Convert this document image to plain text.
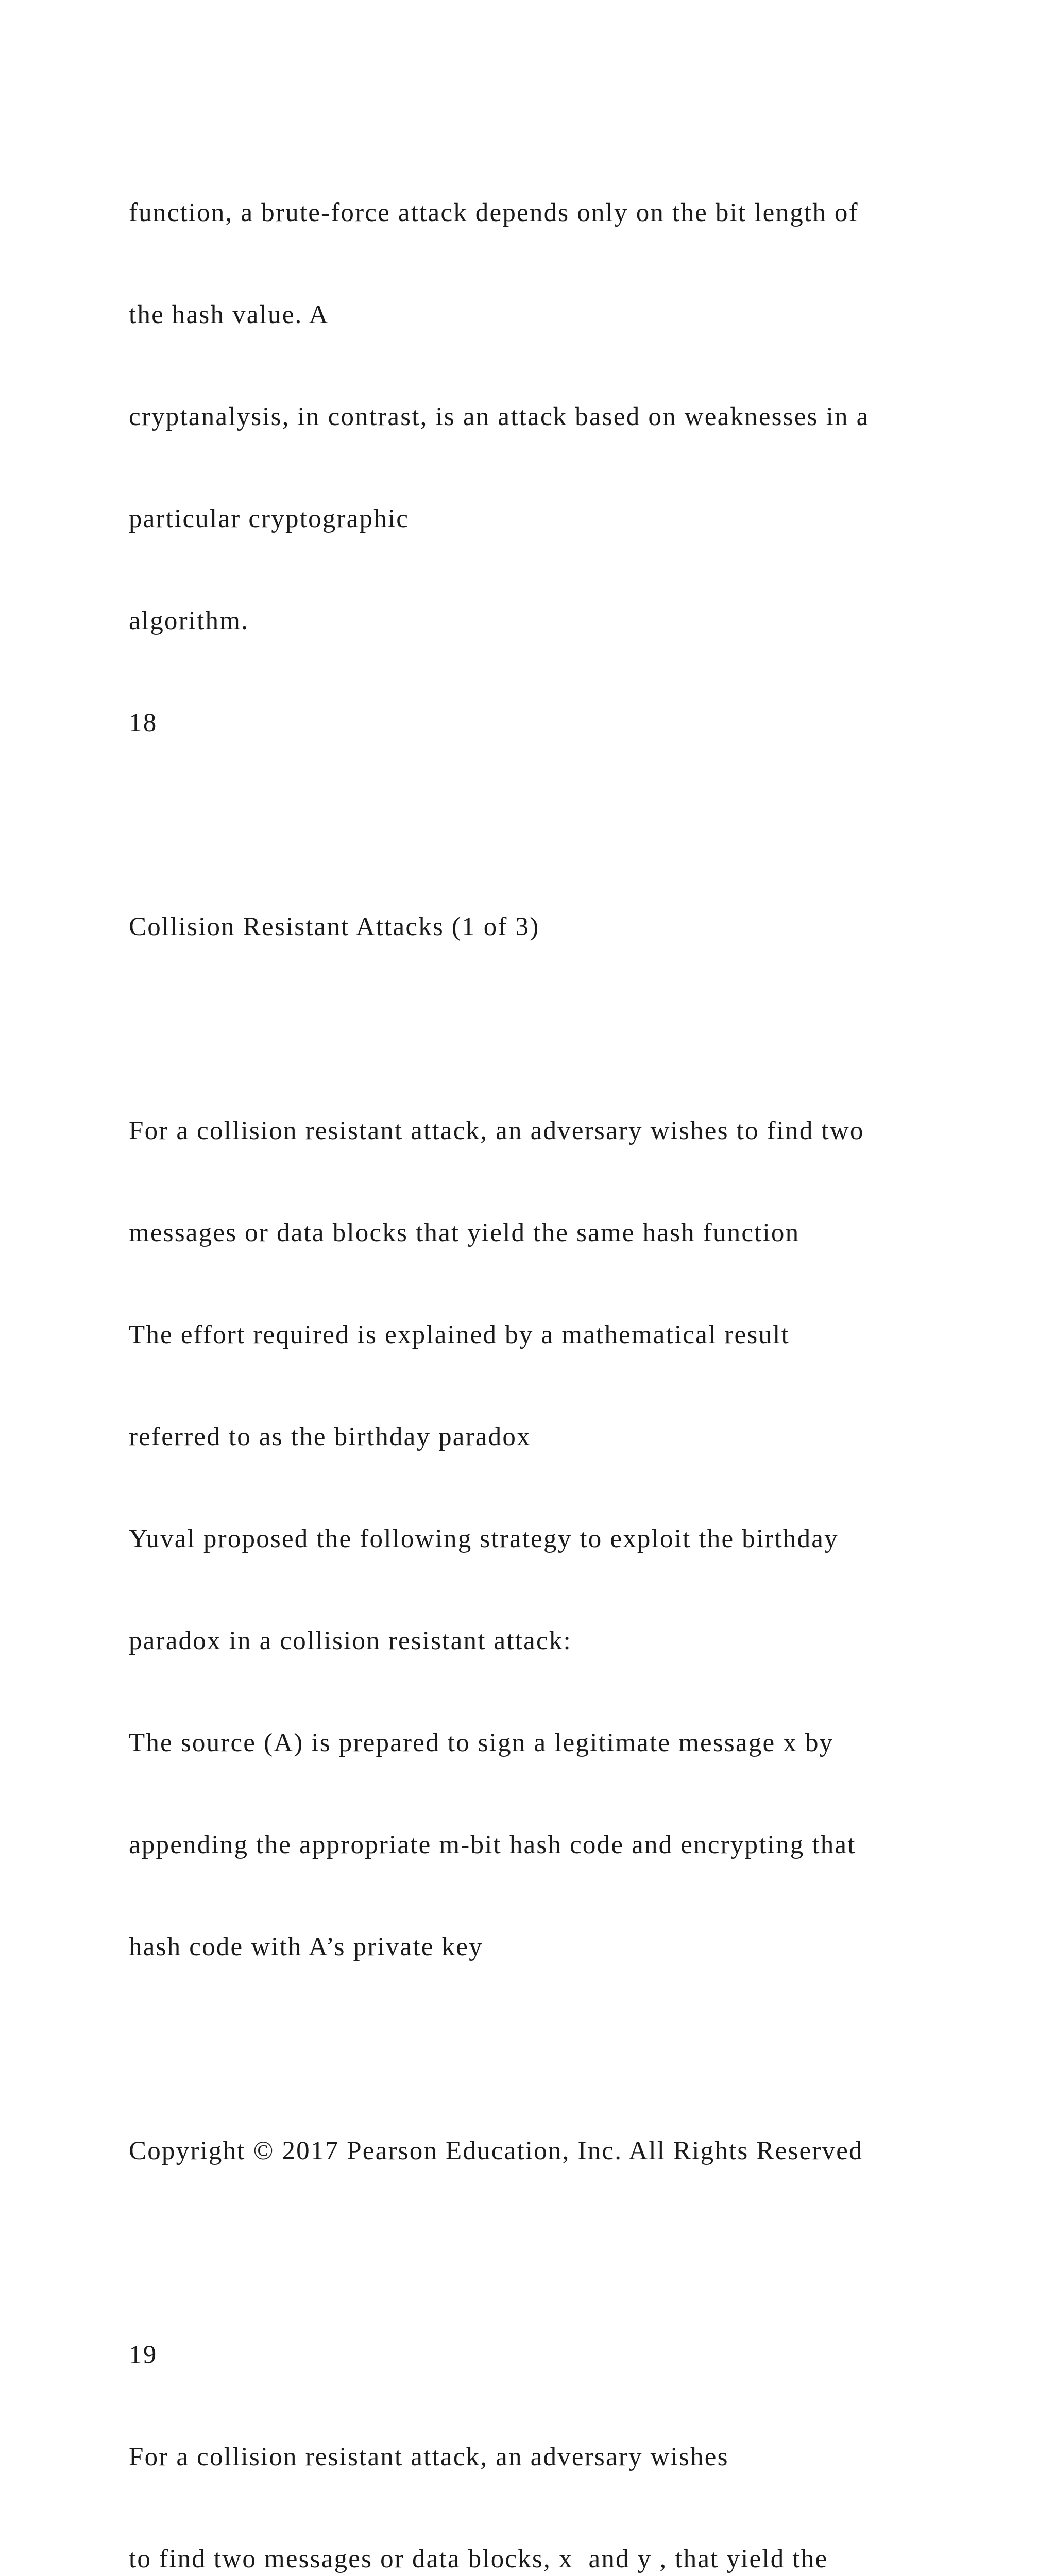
function, a brute-force attack depends only on the bit length of

the hash value. A

cryptanalysis, in contrast, is an attack based on weaknesses in a

particular cryptographic

algorithm.

18

Collision Resistant Attacks (1 of 3)

For a collision resistant attack, an adversary wishes to find two

messages or data blocks that yield the same hash function

The effort required is explained by a mathematical result

referred to as the birthday paradox

Yuval proposed the following strategy to exploit the birthday

paradox in a collision resistant attack:

The source (A) is prepared to sign a legitimate message x by

appending the appropriate m-bit hash code and encrypting that

hash code with A’s private key

Copyright © 2017 Pearson Education, Inc. All Rights Reserved

19

For a collision resistant attack, an adversary wishes

to find two messages or data blocks, x  and y , that yield the
